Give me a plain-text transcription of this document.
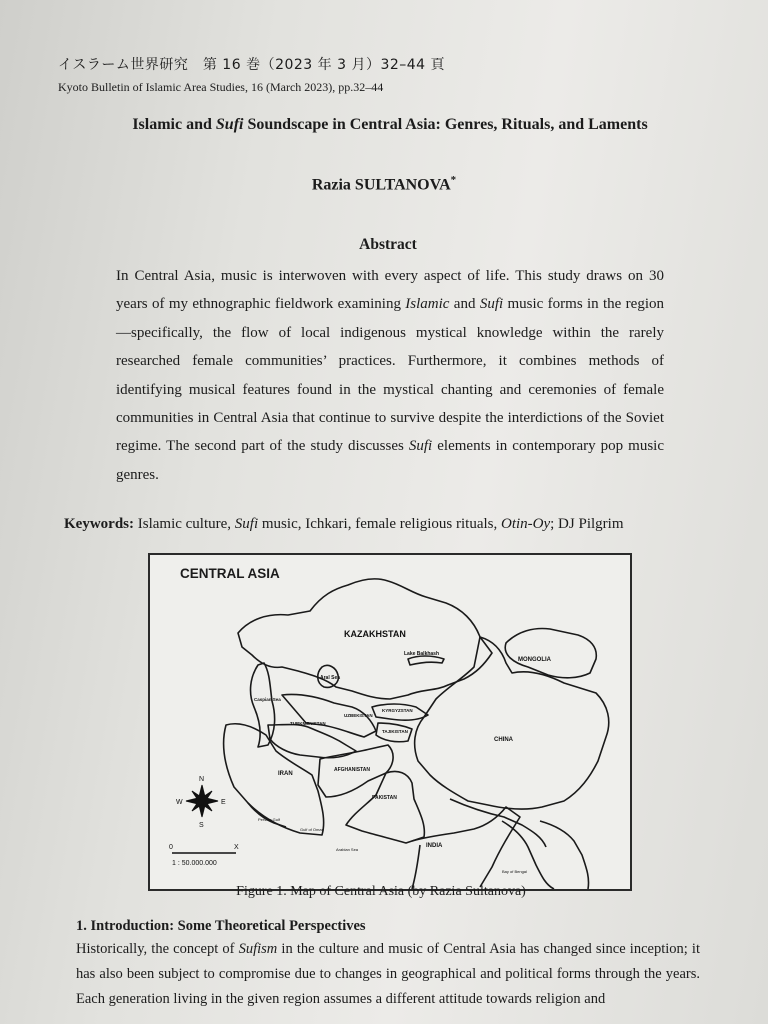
イスラーム世界研究　第 16 巻（2023 年 3 月）32–44 頁
Kyoto Bulletin of Islamic Area Studies, 16 (March 2023), pp.32–44
Islamic and Sufi Soundscape in Central Asia: Genres, Rituals, and Laments
Razia SULTANOVA*
Abstract

In Central Asia, music is interwoven with every aspect of life. This study draws on 30 years of my ethnographic fieldwork examining Islamic and Sufi music forms in the region—specifically, the flow of local indigenous mystical knowledge within the rarely researched female communities’ practices. Furthermore, it combines methods of identifying musical features found in the mystical chanting and ceremonies of female communities in Central Asia that continue to survive despite the interdictions of the Soviet regime. The second part of the study discusses Sufi elements in contemporary pop music genres.

Keywords: Islamic culture, Sufi music, Ichkari, female religious rituals, Otin-Oy; DJ Pilgrim
N
S
E
W
0	X
1 : 50.000.000
KAZAKHSTAN
MONGOLIA
Lake Balkhash
Aral Sea
Caspian Sea
UZBEKISTAN
KYRGYZSTAN
TURKMENISTAN
TAJIKISTAN
CHINA
IRAN
AFGHANISTAN
PAKISTAN
INDIA
Persian Gulf
Gulf of Oman
Arabian Sea
Bay of Bengal
CENTRAL ASIA
Figure 1. Map of Central Asia (by Razia Sultanova)
1. Introduction: Some Theoretical Perspectives

Historically, the concept of Sufism in the culture and music of Central Asia has changed since inception; it has also been subject to compromise due to changes in geographical and political forms through the years. Each generation living in the given region assumes a different attitude towards religion and
